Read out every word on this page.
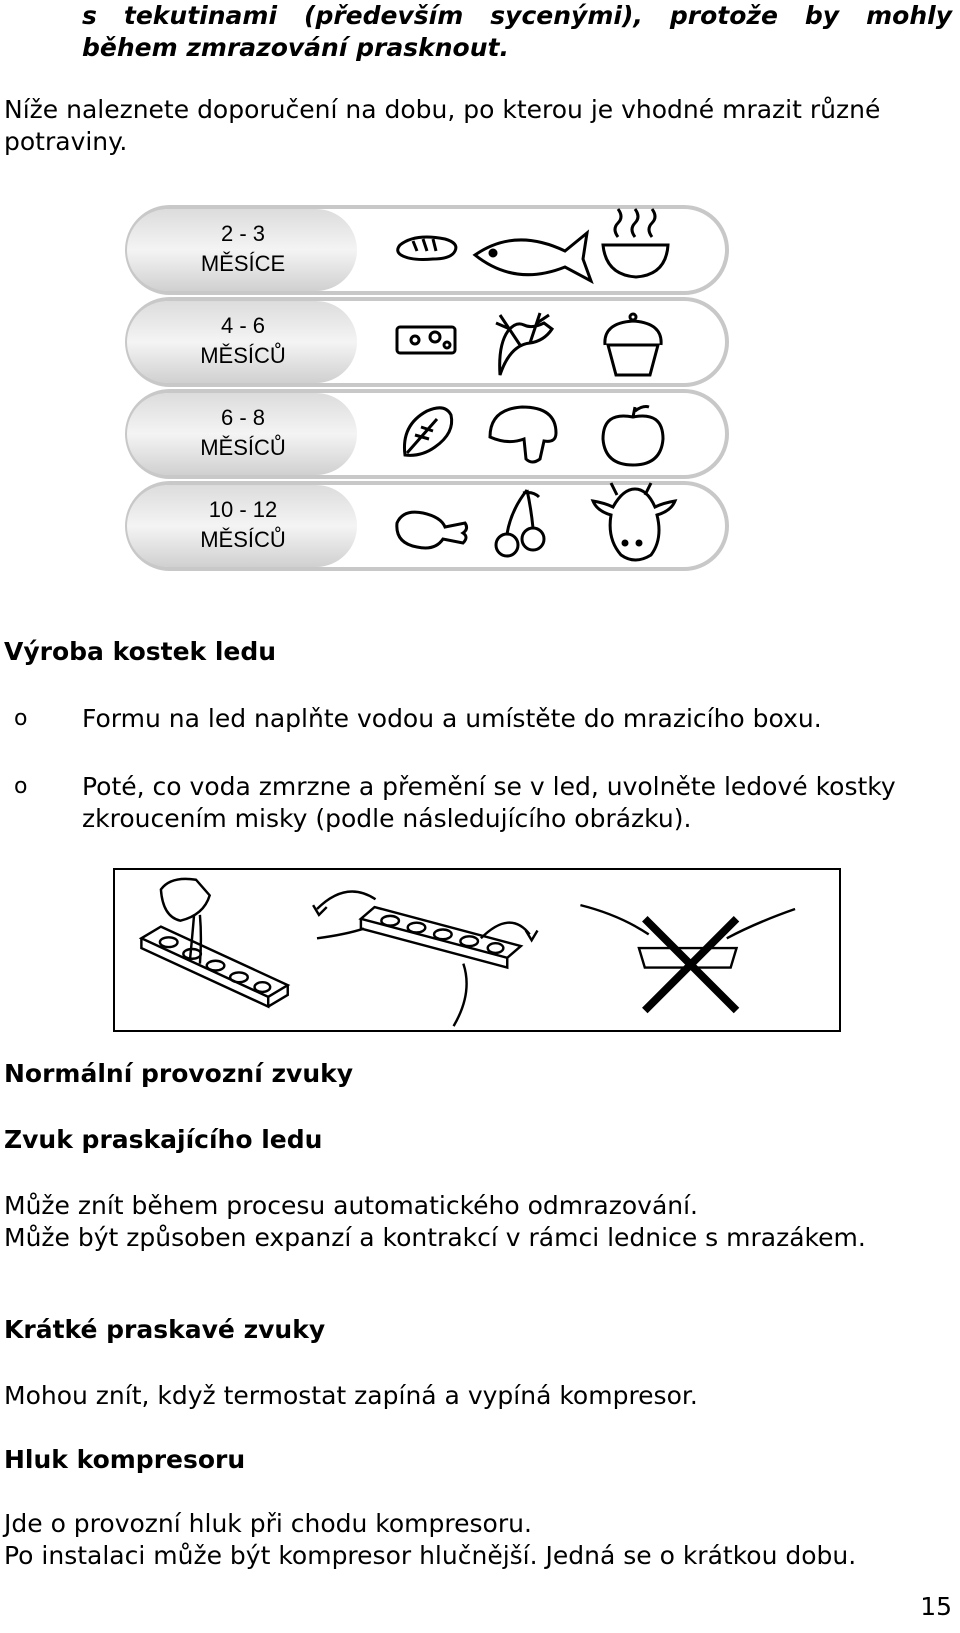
s tekutinami (především sycenými), protože by mohly

během zmrazování prasknout.

Níže naleznete doporučení na dobu, po kterou je vhodné mrazit různé

potraviny.

2 - 3
MĚSÍCE
4 - 6
MĚSÍCŮ
6 - 8
MĚSÍCŮ
10 - 12
MĚSÍCŮ

Výroba kostek ledu

o Formu na led naplňte vodou a umístěte do mrazicího boxu.

o Poté, co voda zmrzne a přemění se v led, uvolněte ledové kostky

zkroucením misky (podle následujícího obrázku).

Normální provozní zvuky

Zvuk praskajícího ledu

Může znít během procesu automatického odmrazování.

Může být způsoben expanzí a kontrakcí v rámci lednice s mrazákem.

Krátké praskavé zvuky

Mohou znít, když termostat zapíná a vypíná kompresor.

Hluk kompresoru

Jde o provozní hluk při chodu kompresoru.

Po instalaci může být kompresor hlučnější. Jedná se o krátkou dobu.

15
